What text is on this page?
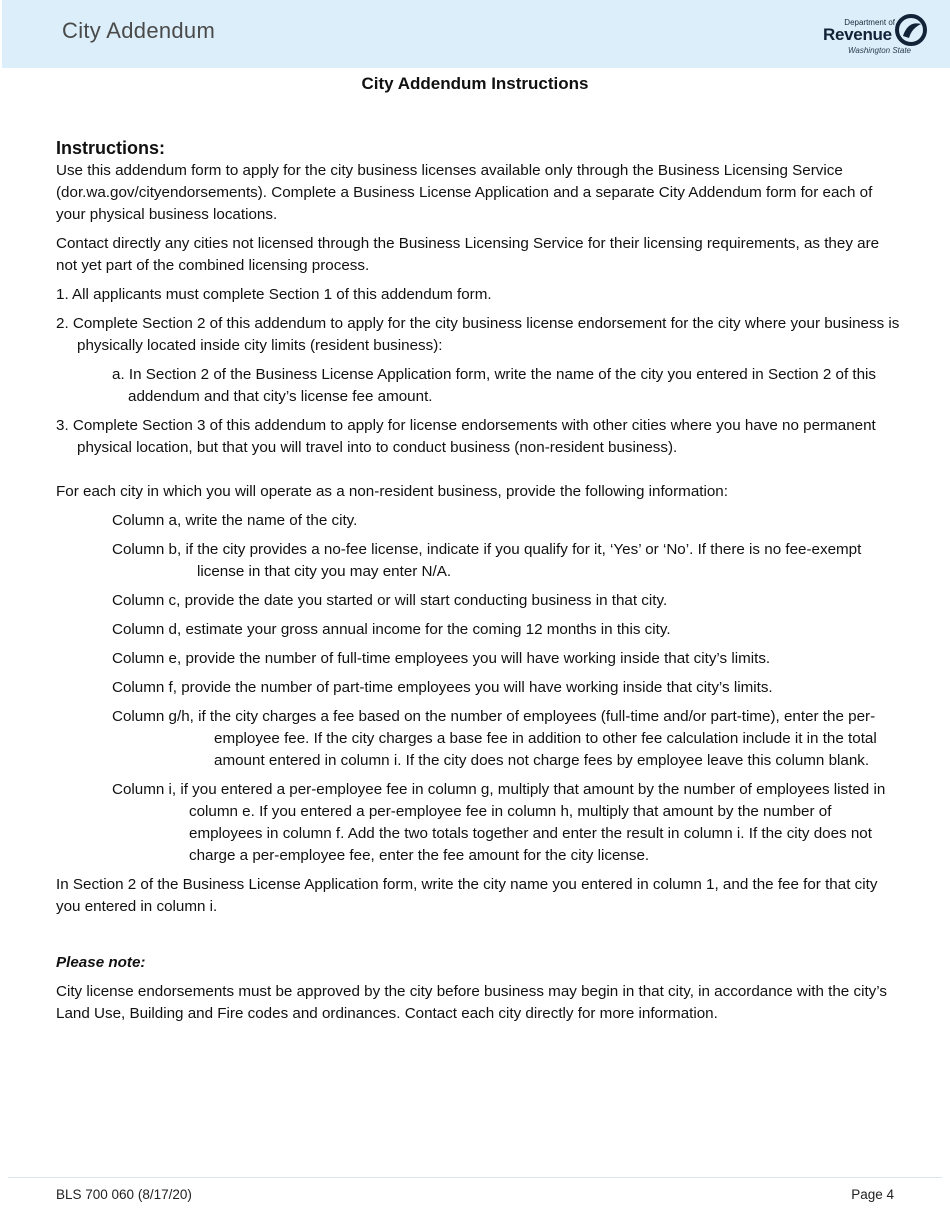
City Addendum	Department of
Revenue
Washington State
City Addendum Instructions

Instructions:

Use this addendum form to apply for the city business licenses available only through the Business Licensing Service (dor.wa.gov/cityendorsements). Complete a Business License Application and a separate City Addendum form for each of your physical business locations.

Contact directly any cities not licensed through the Business Licensing Service for their licensing requirements, as they are not yet part of the combined licensing process.

1. All applicants must complete Section 1 of this addendum form.

2. Complete Section 2 of this addendum to apply for the city business license endorsement for the city where your business is physically located inside city limits (resident business):

a. In Section 2 of the Business License Application form, write the name of the city you entered in Section 2 of this addendum and that city’s license fee amount.

3. Complete Section 3 of this addendum to apply for license endorsements with other cities where you have no permanent physical location, but that you will travel into to conduct business (non-resident business).

For each city in which you will operate as a non-resident business, provide the following information:

Column a, write the name of the city.

Column b, if the city provides a no-fee license, indicate if you qualify for it, ‘Yes’ or ‘No’. If there is no fee-exempt license in that city you may enter N/A.

Column c, provide the date you started or will start conducting business in that city.

Column d, estimate your gross annual income for the coming 12 months in this city.

Column e, provide the number of full-time employees you will have working inside that city’s limits.

Column f, provide the number of part-time employees you will have working inside that city’s limits.

Column g/h, if the city charges a fee based on the number of employees (full-time and/or part-time), enter the per-employee fee. If the city charges a base fee in addition to other fee calculation include it in the total amount entered in column i. If the city does not charge fees by employee leave this column blank.

Column i, if you entered a per-employee fee in column g, multiply that amount by the number of employees listed in column e. If you entered a per-employee fee in column h, multiply that amount by the number of employees in column f. Add the two totals together and enter the result in column i. If the city does not charge a per-employee fee, enter the fee amount for the city license.

In Section 2 of the Business License Application form, write the city name you entered in column 1, and the fee for that city you entered in column i.

Please note:

City license endorsements must be approved by the city before business may begin in that city, in accordance with the city’s Land Use, Building and Fire codes and ordinances. Contact each city directly for more information.

BLS 700 060 (8/17/20)	Page 4
